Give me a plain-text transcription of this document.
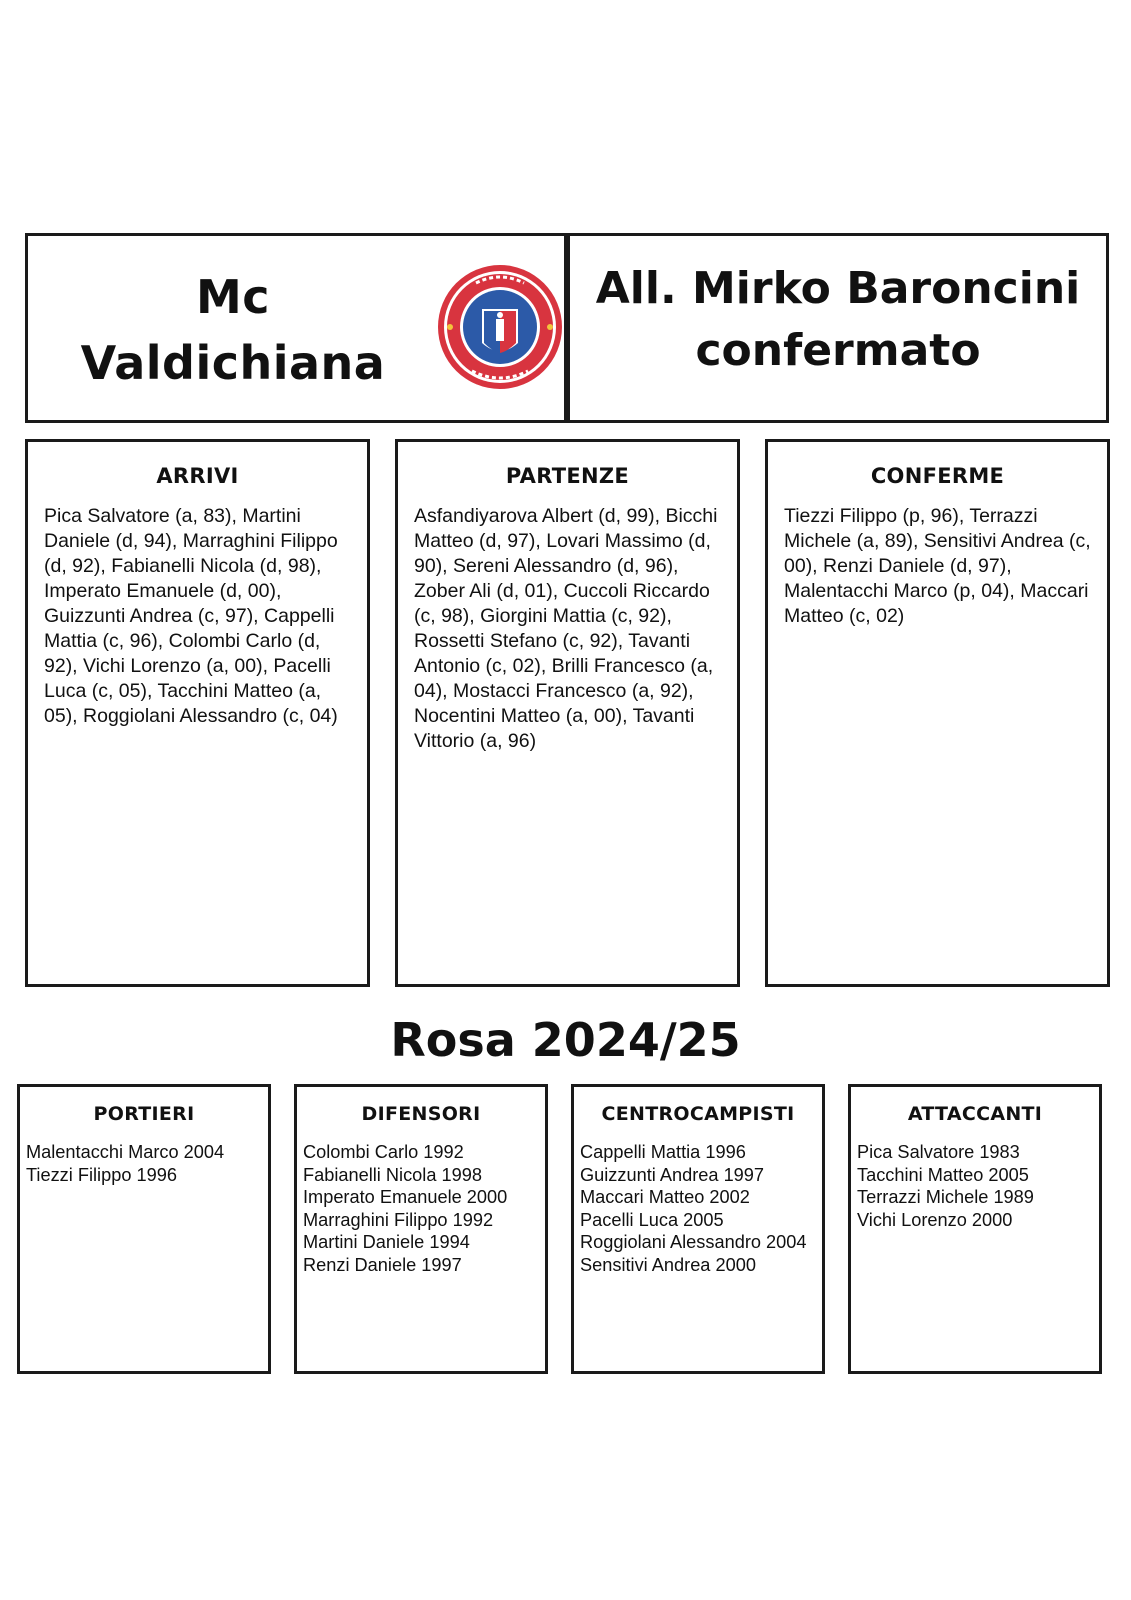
Mc
Valdichiana
All. Mirko Baroncini
confermato
ARRIVI
Pica Salvatore (a, 83), Martini Daniele (d, 94), Marraghini Filippo (d, 92), Fabianelli Nicola (d, 98), Imperato Emanuele (d, 00), Guizzunti Andrea (c, 97), Cappelli Mattia (c, 96), Colombi Carlo (d, 92), Vichi Lorenzo (a, 00), Pacelli Luca (c, 05), Tacchini Matteo (a, 05), Roggiolani Alessandro (c, 04)
PARTENZE
Asfandiyarova Albert (d, 99), Bicchi Matteo (d, 97), Lovari Massimo (d, 90), Sereni Alessandro (d, 96), Zober Ali (d, 01), Cuccoli Riccardo (c, 98), Giorgini Mattia (c, 92), Rossetti Stefano (c, 92), Tavanti Antonio (c, 02), Brilli Francesco (a, 04), Mostacci Francesco (a, 92), Nocentini Matteo (a, 00), Tavanti Vittorio (a, 96)
CONFERME
Tiezzi Filippo (p, 96), Terrazzi Michele (a, 89), Sensitivi Andrea (c, 00), Renzi Daniele (d, 97), Malentacchi Marco (p, 04), Maccari Matteo (c, 02)
Rosa 2024/25
PORTIERI
Malentacchi Marco 2004
Tiezzi Filippo 1996
DIFENSORI
Colombi Carlo 1992
Fabianelli Nicola 1998
Imperato Emanuele 2000
Marraghini Filippo 1992
Martini Daniele 1994
Renzi Daniele 1997
CENTROCAMPISTI
Cappelli Mattia 1996
Guizzunti Andrea 1997
Maccari Matteo 2002
Pacelli Luca 2005
Roggiolani Alessandro 2004
Sensitivi Andrea 2000
ATTACCANTI
Pica Salvatore 1983
Tacchini Matteo 2005
Terrazzi Michele 1989
Vichi Lorenzo 2000
